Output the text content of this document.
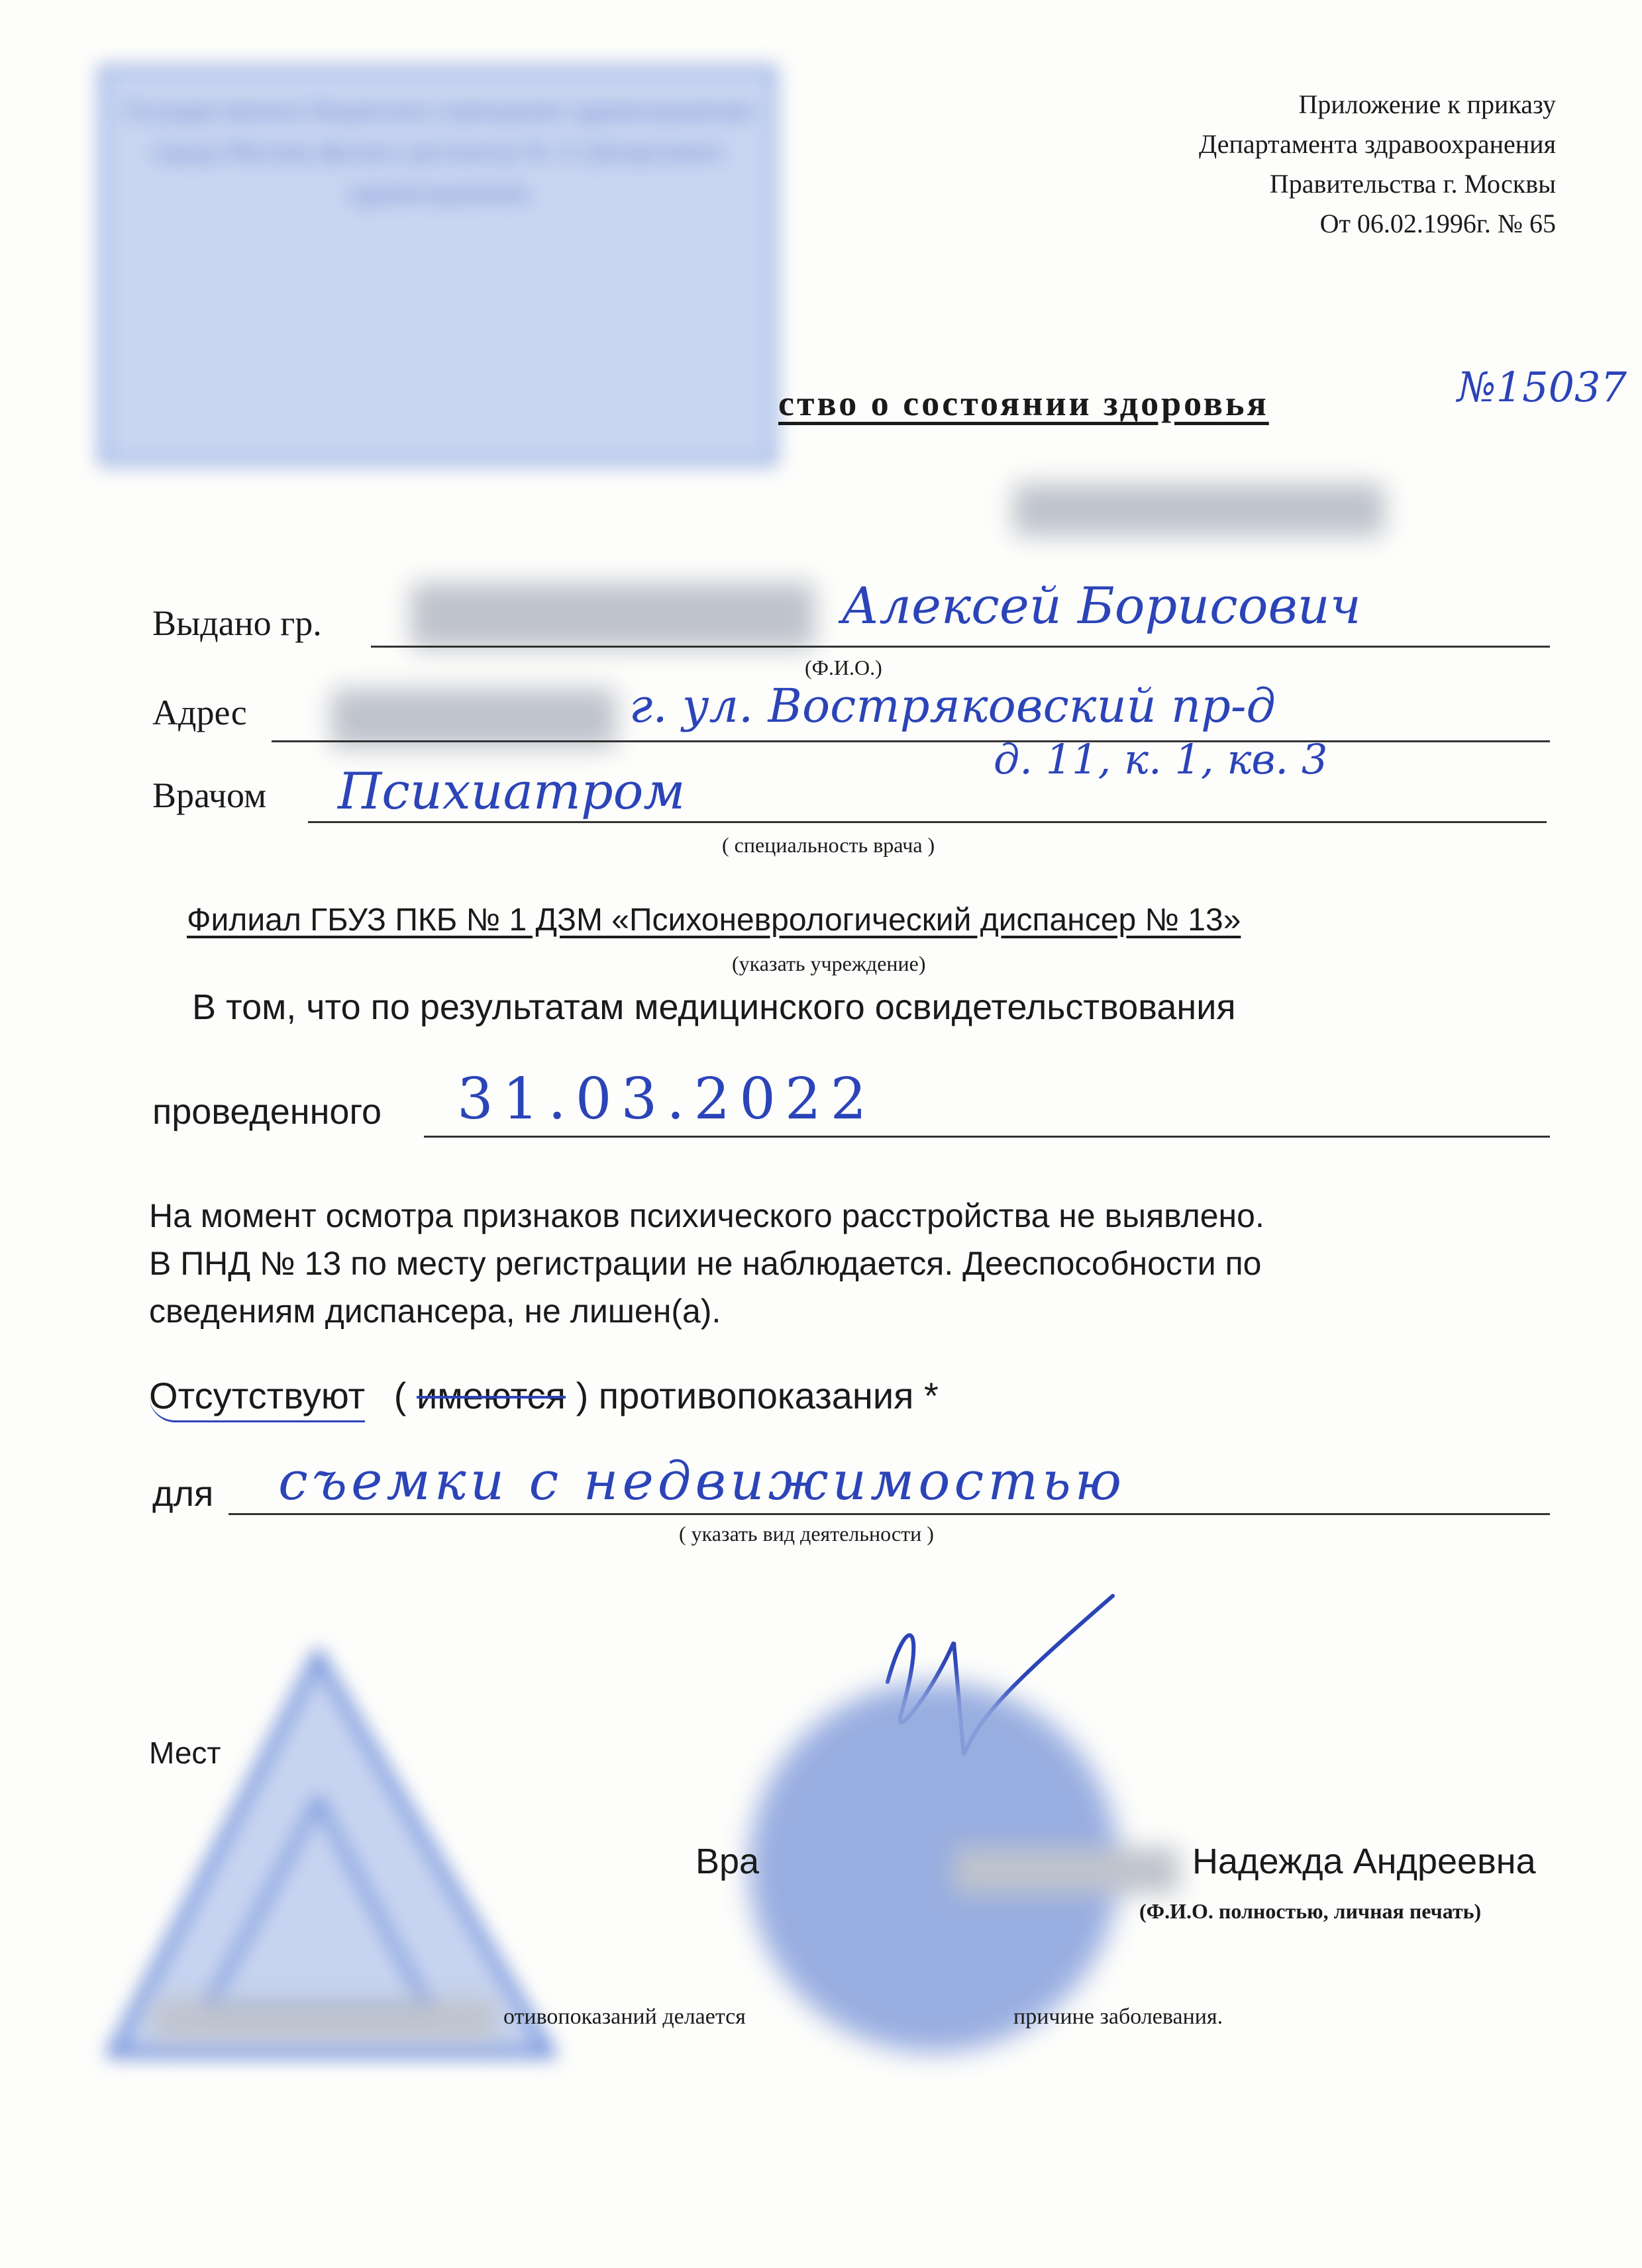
Государственное бюджетное учреждение здравоохранения города Москвы филиал диспансер № 13 Департамент здравоохранения
Приложение к приказу
Департамента здравоохранения
Правительства г. Москвы
От 06.02.1996г. № 65
ство о состоянии здоровья	№15037
Выдано гр.	Алексей Борисович
(Ф.И.О.)
Адрес	г. ул. Востряковский пр-д
д. 11, к. 1, кв. 3
Врачом Психиатром
( специальность врача )
Филиал ГБУЗ ПКБ № 1 ДЗМ «Психоневрологический диспансер № 13»
(указать учреждение)
В том, что по результатам медицинского освидетельствования
проведенного 31.03.2022
На момент осмотра признаков психического расстройства не выявлено.
В ПНД № 13 по месту регистрации не наблюдается. Дееспособности по
сведениям диспансера, не лишен(а).
Отсутствуют ( имеются ) противопоказания *
для съемки с недвижимостью
( указать вид деятельности )
Мест
Вра	Надежда Андреевна
(Ф.И.О. полностью, личная печать)
отивопоказаний делается	причине заболевания.
